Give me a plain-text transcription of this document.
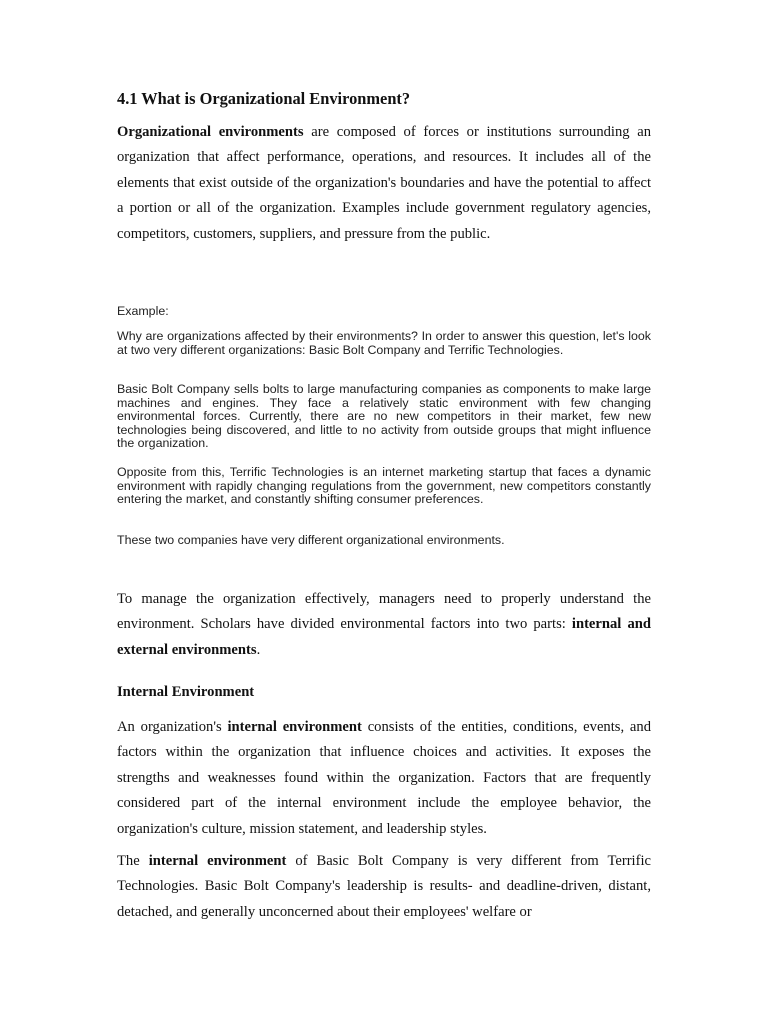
4.1 What is Organizational Environment?

Organizational environments are composed of forces or institutions surrounding an organization that affect performance, operations, and resources. It includes all of the elements that exist outside of the organization's boundaries and have the potential to affect a portion or all of the organization. Examples include government regulatory agencies, competitors, customers, suppliers, and pressure from the public.

Example:

Why are organizations affected by their environments? In order to answer this question, let's look at two very different organizations: Basic Bolt Company and Terrific Technologies.

Basic Bolt Company sells bolts to large manufacturing companies as components to make large machines and engines. They face a relatively static environment with few changing environmental forces. Currently, there are no new competitors in their market, few new technologies being discovered, and little to no activity from outside groups that might influence the organization.

Opposite from this, Terrific Technologies is an internet marketing startup that faces a dynamic environment with rapidly changing regulations from the government, new competitors constantly entering the market, and constantly shifting consumer preferences.

These two companies have very different organizational environments.

To manage the organization effectively, managers need to properly understand the environment. Scholars have divided environmental factors into two parts: internal and external environments.

Internal Environment

An organization's internal environment consists of the entities, conditions, events, and factors within the organization that influence choices and activities. It exposes the strengths and weaknesses found within the organization. Factors that are frequently considered part of the internal environment include the employee behavior, the organization's culture, mission statement, and leadership styles.

The internal environment of Basic Bolt Company is very different from Terrific Technologies. Basic Bolt Company's leadership is results- and deadline-driven, distant, detached, and generally unconcerned about their employees' welfare or
